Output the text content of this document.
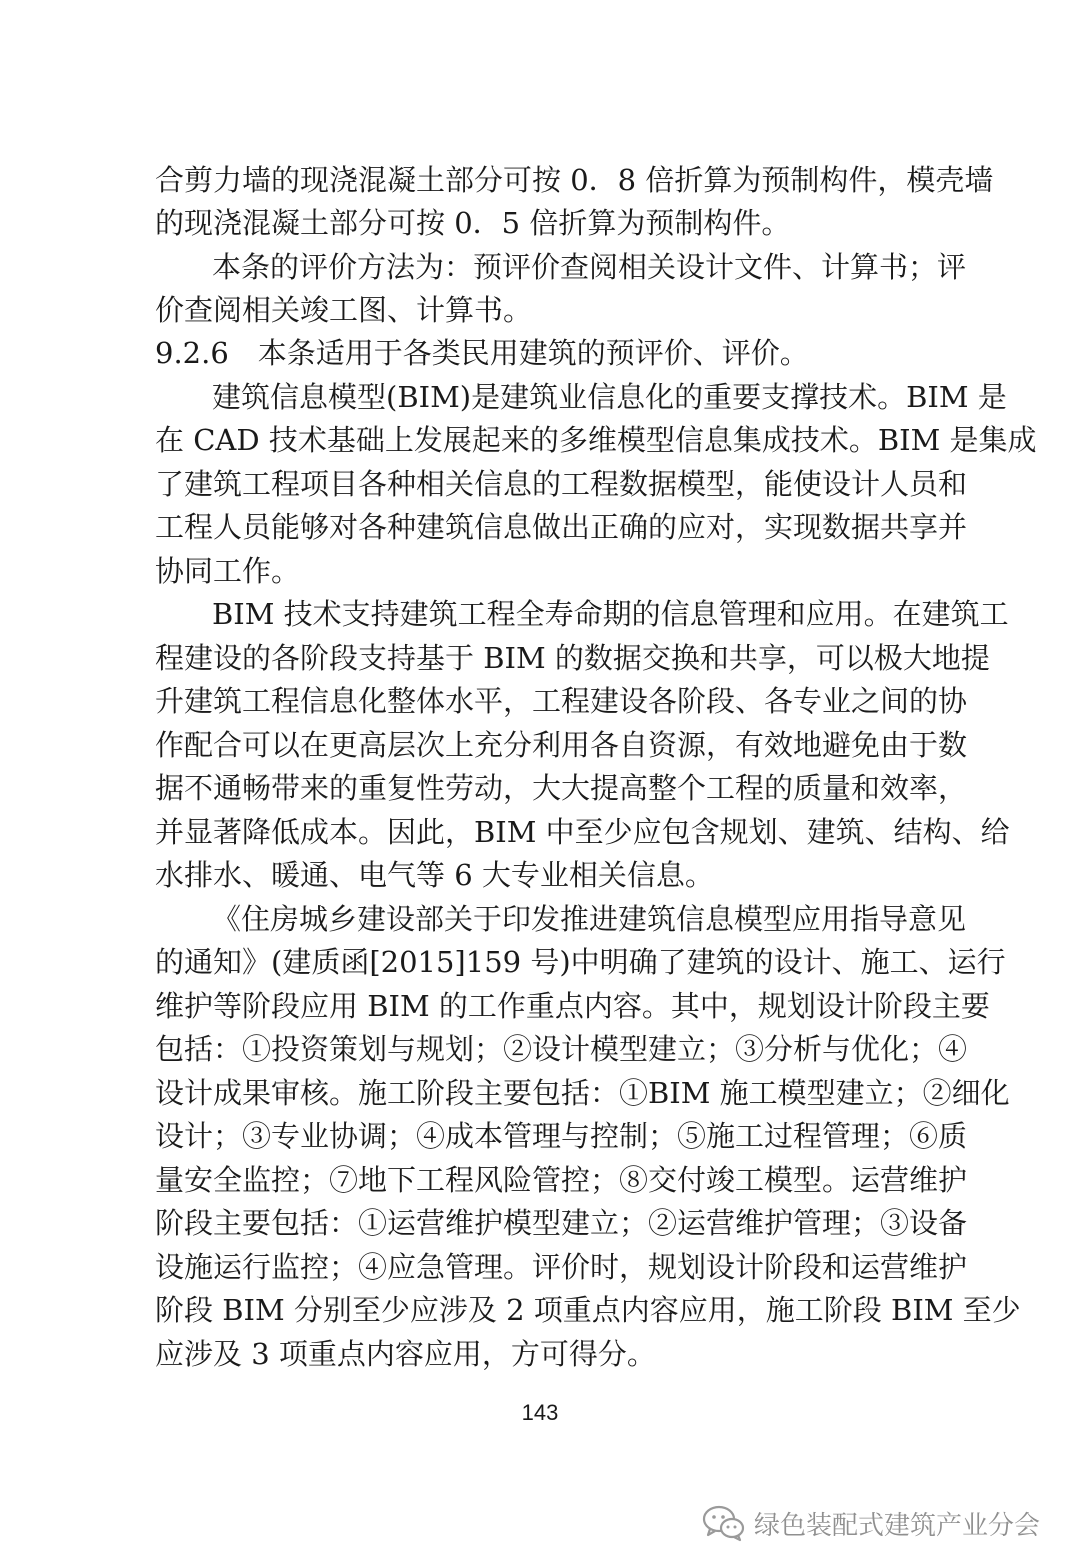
合剪力墙的现浇混凝土部分可按 0．8 倍折算为预制构件，模壳墙
的现浇混凝土部分可按 0．5 倍折算为预制构件。
本条的评价方法为：预评价查阅相关设计文件、计算书；评
价查阅相关竣工图、计算书。
9.2.6　本条适用于各类民用建筑的预评价、评价。
建筑信息模型(BIM)是建筑业信息化的重要支撑技术。BIM 是
在 CAD 技术基础上发展起来的多维模型信息集成技术。BIM 是集成
了建筑工程项目各种相关信息的工程数据模型，能使设计人员和
工程人员能够对各种建筑信息做出正确的应对，实现数据共享并
协同工作。
BIM 技术支持建筑工程全寿命期的信息管理和应用。在建筑工
程建设的各阶段支持基于 BIM 的数据交换和共享，可以极大地提
升建筑工程信息化整体水平，工程建设各阶段、各专业之间的协
作配合可以在更高层次上充分利用各自资源，有效地避免由于数
据不通畅带来的重复性劳动，大大提高整个工程的质量和效率，
并显著降低成本。因此，BIM 中至少应包含规划、建筑、结构、给
水排水、暖通、电气等 6 大专业相关信息。
《住房城乡建设部关于印发推进建筑信息模型应用指导意见
的通知》(建质函[2015]159 号)中明确了建筑的设计、施工、运行
维护等阶段应用 BIM 的工作重点内容。其中，规划设计阶段主要
包括：①投资策划与规划；②设计模型建立；③分析与优化；④
设计成果审核。施工阶段主要包括：①BIM 施工模型建立；②细化
设计；③专业协调；④成本管理与控制；⑤施工过程管理；⑥质
量安全监控；⑦地下工程风险管控；⑧交付竣工模型。运营维护
阶段主要包括：①运营维护模型建立；②运营维护管理；③设备
设施运行监控；④应急管理。评价时，规划设计阶段和运营维护
阶段 BIM 分别至少应涉及 2 项重点内容应用，施工阶段 BIM 至少
应涉及 3 项重点内容应用，方可得分。
143
绿色装配式建筑产业分会
